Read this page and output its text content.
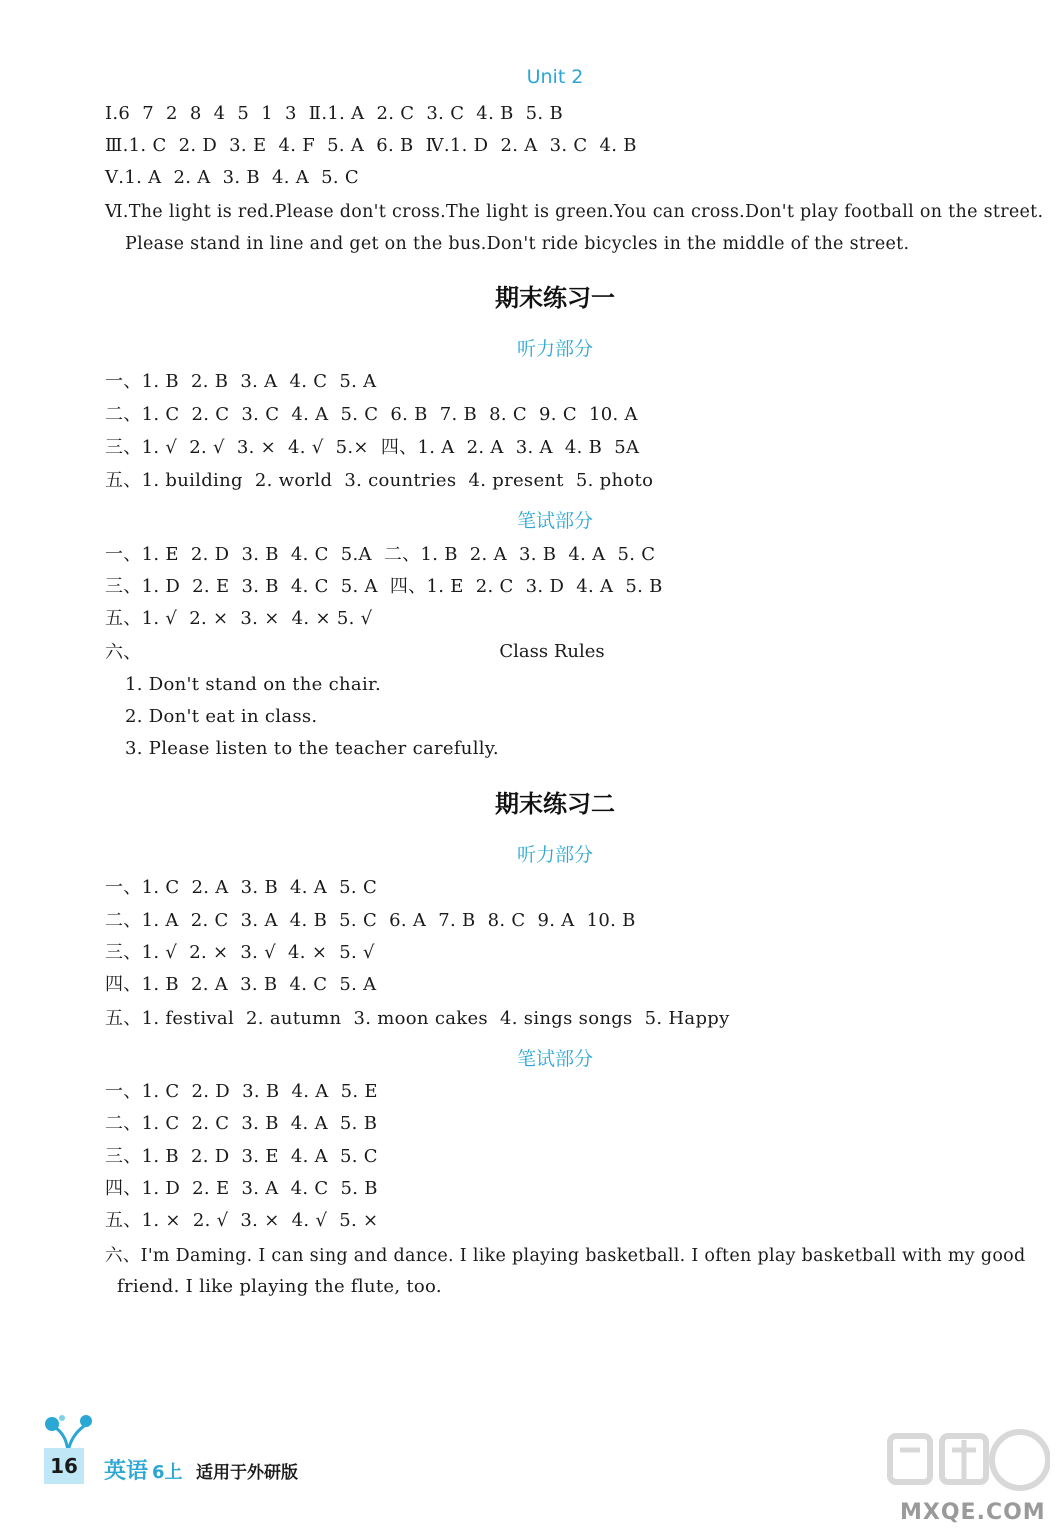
Unit 2
Ⅰ.6  7  2  8  4  5  1  3  Ⅱ.1. A  2. C  3. C  4. B  5. B
Ⅲ.1. C  2. D  3. E  4. F  5. A  6. B  Ⅳ.1. D  2. A  3. C  4. B
Ⅴ.1. A  2. A  3. B  4. A  5. C
Ⅵ.The light is red.Please don't cross.The light is green.You can cross.Don't play football on the street.
Please stand in line and get on the bus.Don't ride bicycles in the middle of the street.
期末练习一
听力部分
一、1. B  2. B  3. A  4. C  5. A
二、1. C  2. C  3. C  4. A  5. C  6. B  7. B  8. C  9. C  10. A
三、1. √  2. √  3. ×  4. √  5.×  四、1. A  2. A  3. A  4. B  5A
五、1. building  2. world  3. countries  4. present  5. photo
笔试部分
一、1. E  2. D  3. B  4. C  5.A  二、1. B  2. A  3. B  4. A  5. C
三、1. D  2. E  3. B  4. C  5. A  四、1. E  2. C  3. D  4. A  5. B
五、1. √  2. ×  3. ×  4. × 5. √
六、	Class Rules
1. Don't stand on the chair.
2. Don't eat in class.
3. Please listen to the teacher carefully.
期末练习二
听力部分
一、1. C  2. A  3. B  4. A  5. C
二、1. A  2. C  3. A  4. B  5. C  6. A  7. B  8. C  9. A  10. B
三、1. √  2. ×  3. √  4. ×  5. √
四、1. B  2. A  3. B  4. C  5. A
五、1. festival  2. autumn  3. moon cakes  4. sings songs  5. Happy
笔试部分
一、1. C  2. D  3. B  4. A  5. E
二、1. C  2. C  3. B  4. A  5. B
三、1. B  2. D  3. E  4. A  5. C
四、1. D  2. E  3. A  4. C  5. B
五、1. ×  2. √  3. ×  4. √  5. ×
六、I'm Daming. I can sing and dance. I like playing basketball. I often play basketball with my good
friend. I like playing the flute, too.
16 英语 6上 适用于外研版
MXQE.COM
